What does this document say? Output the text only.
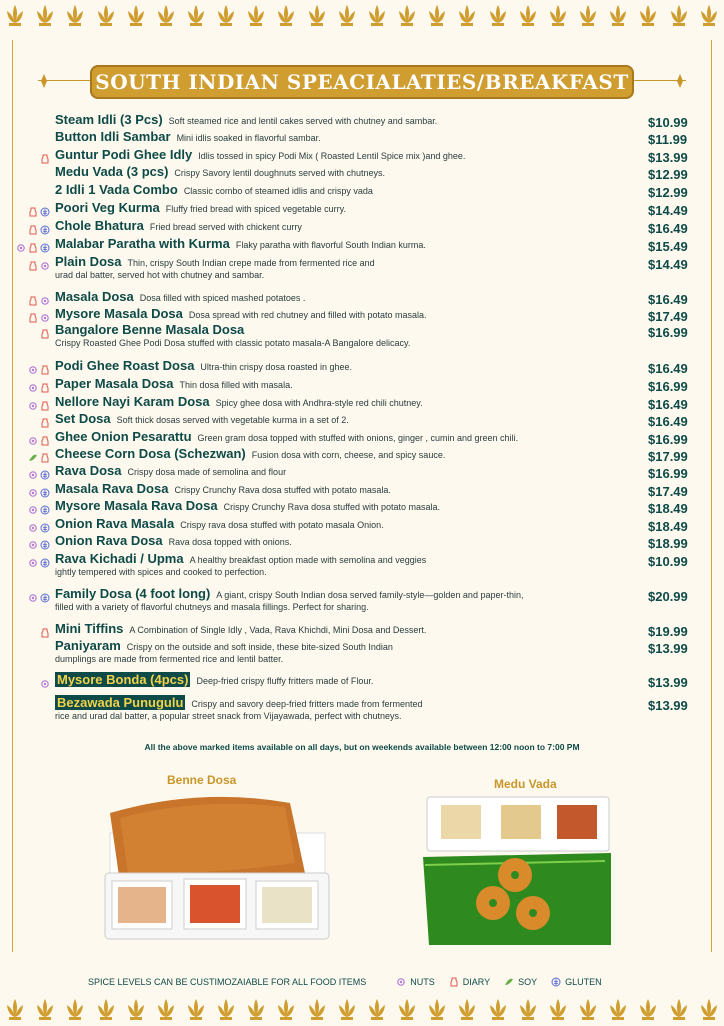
SOUTH INDIAN SPEACIALATIES/BREAKFAST
Steam Idli (3 Pcs) Soft steamed rice and lentil cakes served with chutney and sambar.	$10.99
Button Idli Sambar Mini idlis soaked in flavorful sambar.	$11.99
Guntur Podi Ghee Idly Idlis tossed in spicy Podi Mix ( Roasted Lentil Spice mix )and ghee.	$13.99
Medu Vada (3 pcs) Crispy Savory lentil doughnuts served with chutneys.	$12.99
2 Idli 1 Vada Combo Classic combo of steamed idlis and crispy vada	$12.99
Poori Veg Kurma Fluffy fried bread with spiced vegetable curry.	$14.49
Chole Bhatura Fried bread served with chickent curry	$16.49
Malabar Paratha with Kurma Flaky paratha with flavorful South Indian kurma.	$15.49
Plain Dosa Thin, crispy South Indian crepe made from fermented rice and
urad dal batter, served hot with chutney and sambar.
$14.49
Masala Dosa Dosa filled with spiced mashed potatoes .	$16.49
Mysore Masala Dosa Dosa spread with red chutney and filled with potato masala.	$17.49
Bangalore Benne Masala Dosa
Crispy Roasted Ghee Podi Dosa stuffed with classic potato masala-A Bangalore delicacy.
$16.99
Podi Ghee Roast Dosa Ultra-thin crispy dosa roasted in ghee.	$16.49
Paper Masala Dosa Thin dosa filled with masala.	$16.99
Nellore Nayi Karam Dosa Spicy ghee dosa with Andhra-style red chili chutney.	$16.49
Set Dosa Soft thick dosas served with vegetable kurma in a set of 2.	$16.49
Ghee Onion Pesarattu Green gram dosa topped with stuffed with onions, ginger , cumin and green chili.	$16.99
Cheese Corn Dosa (Schezwan) Fusion dosa with corn, cheese, and spicy sauce.	$17.99
Rava Dosa Crispy dosa made of semolina and flour	$16.99
Masala Rava Dosa Crispy Crunchy Rava dosa stuffed with potato masala.	$17.49
Mysore Masala Rava Dosa Crispy Crunchy Rava dosa stuffed with potato masala.	$18.49
Onion Rava Masala Crispy rava dosa stuffed with potato masala Onion.	$18.49
Onion Rava Dosa Rava dosa topped with onions.	$18.99
Rava Kichadi / Upma A healthy breakfast option made with semolina and veggies
ightly tempered with spices and cooked to perfection.
$10.99
Family Dosa (4 foot long) A giant, crispy South Indian dosa served family-style—golden and paper-thin,
filled with a variety of flavorful chutneys and masala fillings. Perfect for sharing.
$20.99
Mini Tiffins A Combination of Single Idly , Vada, Rava Khichdi, Mini Dosa and Dessert.	$19.99
Paniyaram Crispy on the outside and soft inside, these bite-sized South Indian
dumplings are made from fermented rice and lentil batter.
$13.99
Mysore Bonda (4pcs) Deep-fried crispy fluffy fritters made of Flour.	$13.99
Bezawada Punugulu Crispy and savory deep-fried fritters made from fermented
rice and urad dal batter, a popular street snack from Vijayawada, perfect with chutneys.
$13.99
All the above marked items available on all days, but on weekends available between 12:00 noon to 7:00 PM
Benne Dosa	Medu Vada
SPICE LEVELS CAN BE CUSTIMOZAIABLE FOR ALL FOOD ITEMS	NUTS	DIARY	SOY	GLUTEN
